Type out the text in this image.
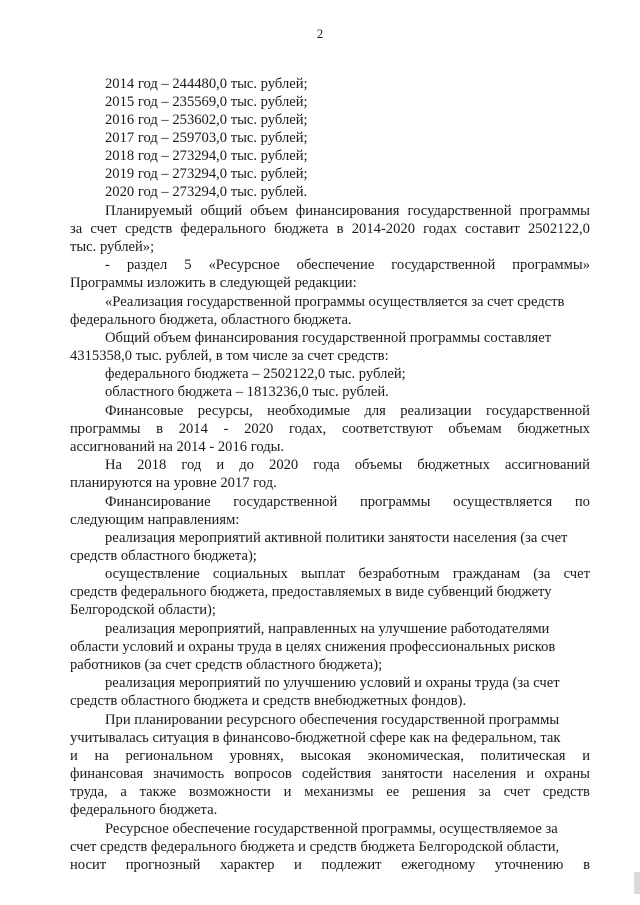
2
2014 год – 244480,0 тыс. рублей;
2015 год – 235569,0 тыс. рублей;
2016 год – 253602,0 тыс. рублей;
2017 год – 259703,0 тыс. рублей;
2018 год – 273294,0 тыс. рублей;
2019 год – 273294,0 тыс. рублей;
2020 год – 273294,0 тыс. рублей.
Планируемый общий объем финансирования государственной программы
за счет средств федерального бюджета в 2014-2020 годах составит 2502122,0
тыс. рублей»;
- раздел 5 «Ресурсное обеспечение государственной программы»
Программы изложить в следующей редакции:
«Реализация государственной программы осуществляется за счет средств
федерального бюджета, областного бюджета.
Общий объем финансирования государственной программы составляет
4315358,0 тыс. рублей, в том числе за счет средств:
федерального бюджета – 2502122,0 тыс. рублей;
областного бюджета – 1813236,0 тыс. рублей.
Финансовые ресурсы, необходимые для реализации государственной
программы в 2014 - 2020 годах, соответствуют объемам бюджетных
ассигнований на 2014 - 2016 годы.
На 2018 год и до 2020 года объемы бюджетных ассигнований
планируются на уровне 2017 год.
Финансирование государственной программы осуществляется по
следующим направлениям:
реализация мероприятий активной политики занятости населения (за счет
средств областного бюджета);
осуществление социальных выплат безработным гражданам (за счет
средств федерального бюджета, предоставляемых в виде субвенций бюджету
Белгородской области);
реализация мероприятий, направленных на улучшение работодателями
области условий и охраны труда в целях снижения профессиональных рисков
работников (за счет средств областного бюджета);
реализация мероприятий по улучшению условий и охраны труда (за счет
средств областного бюджета и средств внебюджетных фондов).
При планировании ресурсного обеспечения государственной программы
учитывалась ситуация в финансово-бюджетной сфере как на федеральном, так
и на региональном уровнях, высокая экономическая, политическая и
финансовая значимость вопросов содействия занятости населения и охраны
труда, а также возможности и механизмы ее решения за счет средств
федерального бюджета.
Ресурсное обеспечение государственной программы, осуществляемое за
счет средств федерального бюджета и средств бюджета Белгородской области,
носит прогнозный характер и подлежит ежегодному уточнению в
